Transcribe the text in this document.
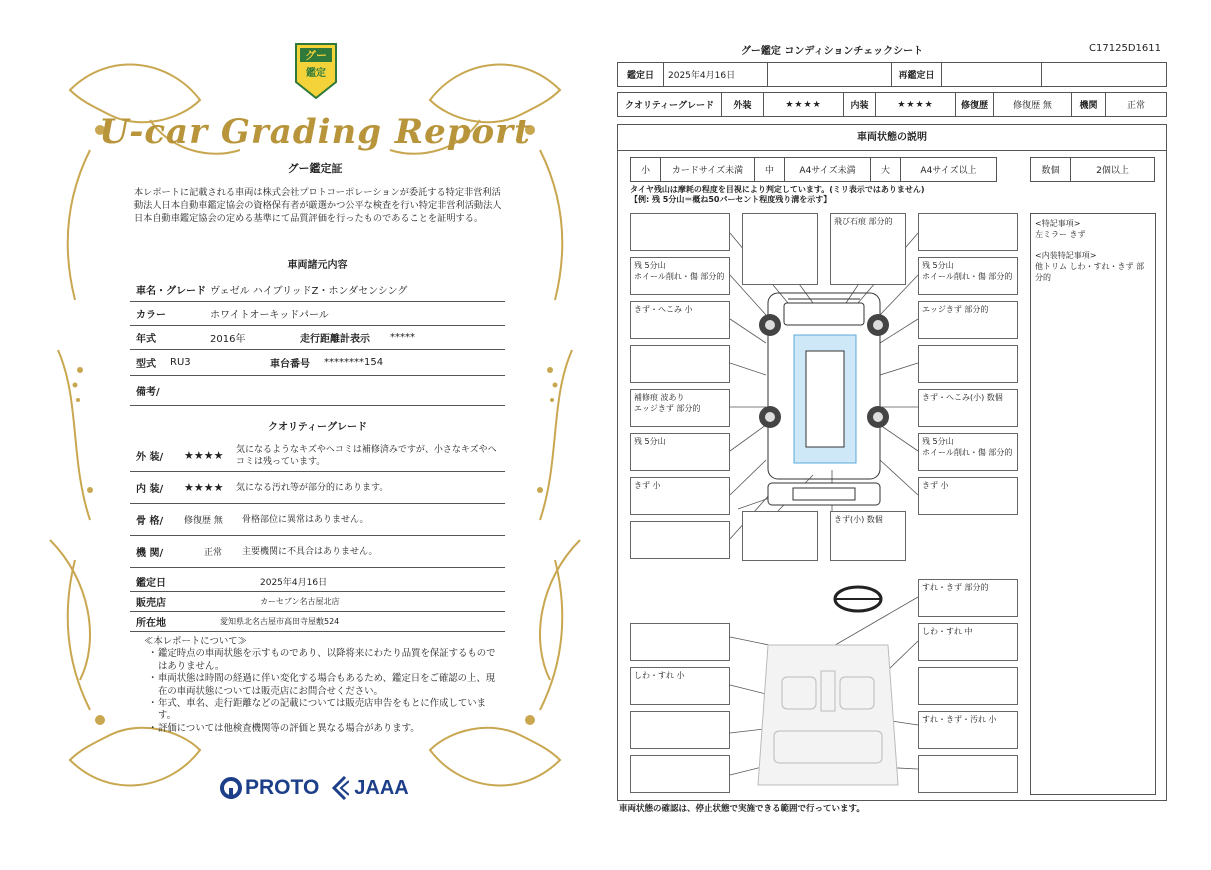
グー
鑑定
U-car Grading Report
グー鑑定証
本レポートに記載される車両は株式会社プロトコーポレーションが委託する特定非営利活動法人日本自動車鑑定協会の資格保有者が厳選かつ公平な検査を行い特定非営利活動法人日本自動車鑑定協会の定める基準にて品質評価を行ったものであることを証明する。
車両諸元内容
車名・グレード ヴェゼル ハイブリッドZ・ホンダセンシング
カラー	ホワイトオーキッドパール
年式	2016年	走行距離計表示	*****
型式	RU3	車台番号	********154
備考/
クオリティーグレード
外 装/	★★★★	気になるようなキズやヘコミは補修済みですが、小さなキズやヘコミは残っています。
内 装/	★★★★	気になる汚れ等が部分的にあります。
骨 格/	修復歴 無	骨格部位に異常はありません。
機 関/	正常	主要機関に不具合はありません。
鑑定日	2025年4月16日
販売店	カーセブン名古屋北店
所在地	愛知県北名古屋市高田寺屋敷524
≪本レポートについて≫
・ 鑑定時点の車両状態を示すものであり、以降将来にわたり品質を保証するものではありません。
・ 車両状態は時間の経過に伴い変化する場合もあるため、鑑定日をご確認の上、現在の車両状態については販売店にお問合せください。
・ 年式、車名、走行距離などの記載については販売店申告をもとに作成しています。
・ 評価については他検査機関等の評価と異なる場合があります。
PROTO JAAA
グー鑑定 コンディションチェックシート	C17125D1611
鑑定日	2025年4月16日		再鑑定日		
クオリティーグレード	外装	★★★★	内装	★★★★	修復歴	修復歴 無	機関	正常
車両状態の説明
小	カードサイズ未満	中	A4サイズ未満	大	A4サイズ以上	数個	2個以上
タイヤ残山は摩耗の程度を目視により判定しています。(ミリ表示ではありません)
【例: 残 5分山＝概ね50パーセント程度残り溝を示す】
残 5分山
ホイール削れ・傷 部分的
きず・へこみ 小
補修痕 波あり
エッジきず 部分的
残 5分山
きず 小
飛び石痕 部分的
きず(小) 数個
残 5分山
ホイール削れ・傷 部分的
エッジきず 部分的
きず・へこみ(小) 数個
残 5分山
ホイール削れ・傷 部分的
きず 小
すれ・きず 部分的
しわ・すれ 中
すれ・きず・汚れ 小
しわ・すれ 小
<特記事項>
左ミラー きず
<内装特記事項>
他トリム しわ・すれ・きず 部分的
車両状態の確認は、停止状態で実施できる範囲で行っています。
